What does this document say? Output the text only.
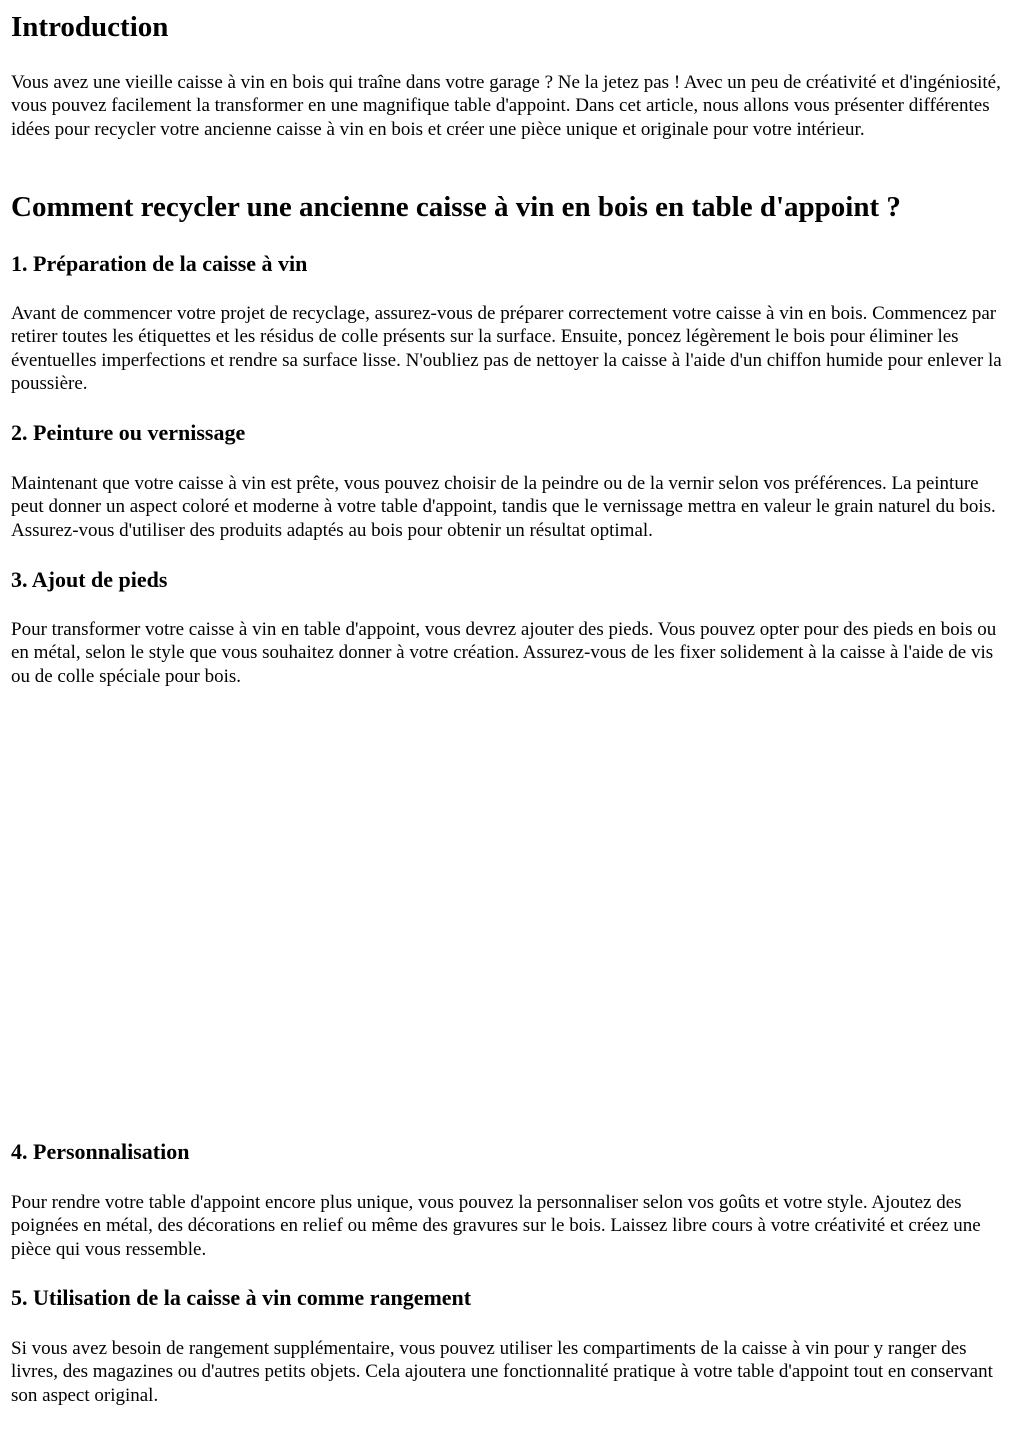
Introduction

Vous avez une vieille caisse à vin en bois qui traîne dans votre garage ? Ne la jetez pas ! Avec un peu de créativité et d'ingéniosité, vous pouvez facilement la transformer en une magnifique table d'appoint. Dans cet article, nous allons vous présenter différentes idées pour recycler votre ancienne caisse à vin en bois et créer une pièce unique et originale pour votre intérieur.

Comment recycler une ancienne caisse à vin en bois en table d'appoint ?
1. Préparation de la caisse à vin

Avant de commencer votre projet de recyclage, assurez-vous de préparer correctement votre caisse à vin en bois. Commencez par retirer toutes les étiquettes et les résidus de colle présents sur la surface. Ensuite, poncez légèrement le bois pour éliminer les éventuelles imperfections et rendre sa surface lisse. N'oubliez pas de nettoyer la caisse à l'aide d'un chiffon humide pour enlever la poussière.

2. Peinture ou vernissage

Maintenant que votre caisse à vin est prête, vous pouvez choisir de la peindre ou de la vernir selon vos préférences. La peinture peut donner un aspect coloré et moderne à votre table d'appoint, tandis que le vernissage mettra en valeur le grain naturel du bois. Assurez-vous d'utiliser des produits adaptés au bois pour obtenir un résultat optimal.

3. Ajout de pieds

Pour transformer votre caisse à vin en table d'appoint, vous devrez ajouter des pieds. Vous pouvez opter pour des pieds en bois ou en métal, selon le style que vous souhaitez donner à votre création. Assurez-vous de les fixer solidement à la caisse à l'aide de vis ou de colle spéciale pour bois.

4. Personnalisation

Pour rendre votre table d'appoint encore plus unique, vous pouvez la personnaliser selon vos goûts et votre style. Ajoutez des poignées en métal, des décorations en relief ou même des gravures sur le bois. Laissez libre cours à votre créativité et créez une pièce qui vous ressemble.

5. Utilisation de la caisse à vin comme rangement

Si vous avez besoin de rangement supplémentaire, vous pouvez utiliser les compartiments de la caisse à vin pour y ranger des livres, des magazines ou d'autres petits objets. Cela ajoutera une fonctionnalité pratique à votre table d'appoint tout en conservant son aspect original.
